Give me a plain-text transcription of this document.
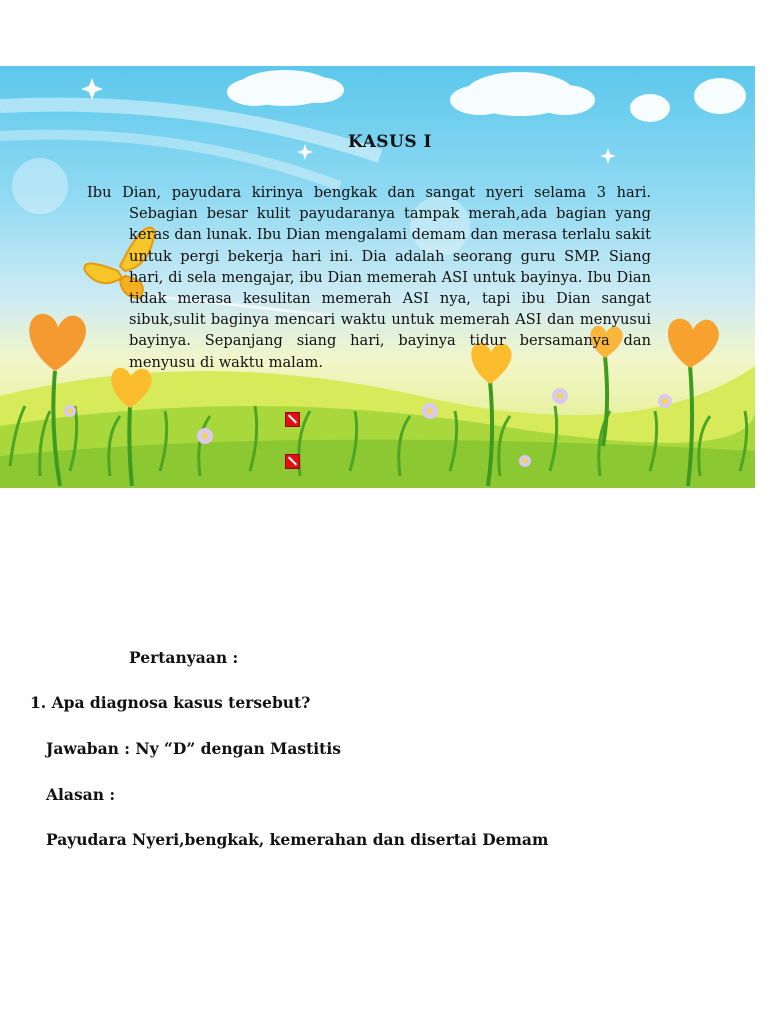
KASUS I
Ibu Dian, payudara kirinya bengkak dan sangat nyeri selama 3 hari. Sebagian besar kulit payudaranya tampak merah,ada bagian yang keras dan lunak. Ibu Dian mengalami demam dan merasa terlalu sakit untuk pergi bekerja hari ini. Dia adalah seorang guru SMP. Siang hari, di sela mengajar, ibu Dian memerah ASI untuk bayinya. Ibu Dian tidak merasa kesulitan memerah ASI nya, tapi ibu Dian sangat sibuk,sulit baginya mencari waktu untuk memerah ASI dan menyusui bayinya. Sepanjang siang hari, bayinya tidur bersamanya dan menyusu di waktu malam.
Pertanyaan :
1. Apa diagnosa kasus tersebut?
Jawaban : Ny “D” dengan Mastitis
Alasan :
Payudara Nyeri,bengkak, kemerahan dan disertai Demam
